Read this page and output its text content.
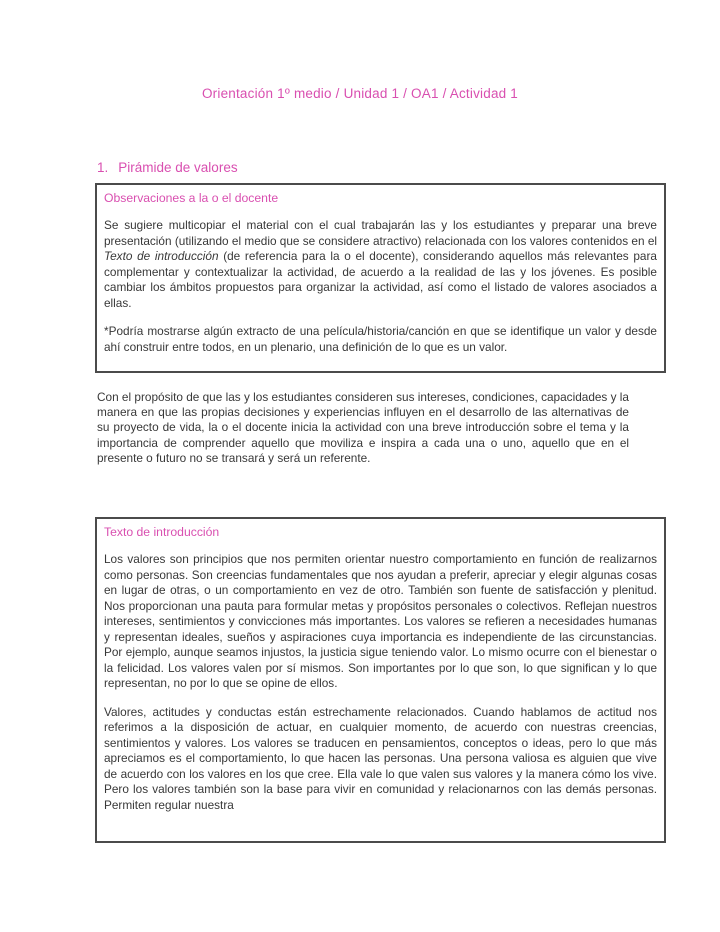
Orientación 1º medio / Unidad 1 / OA1 / Actividad 1
1. Pirámide de valores
Observaciones a la o el docente

Se sugiere multicopiar el material con el cual trabajarán las y los estudiantes y preparar una breve presentación (utilizando el medio que se considere atractivo) relacionada con los valores contenidos en el Texto de introducción (de referencia para la o el docente), considerando aquellos más relevantes para complementar y contextualizar la actividad, de acuerdo a la realidad de las y los jóvenes. Es posible cambiar los ámbitos propuestos para organizar la actividad, así como el listado de valores asociados a ellas.

*Podría mostrarse algún extracto de una película/historia/canción en que se identifique un valor y desde ahí construir entre todos, en un plenario, una definición de lo que es un valor.

Con el propósito de que las y los estudiantes consideren sus intereses, condiciones, capacidades y la manera en que las propias decisiones y experiencias influyen en el desarrollo de las alternativas de su proyecto de vida, la o el docente inicia la actividad con una breve introducción sobre el tema y la importancia de comprender aquello que moviliza e inspira a cada una o uno, aquello que en el presente o futuro no se transará y será un referente.

Texto de introducción

Los valores son principios que nos permiten orientar nuestro comportamiento en función de realizarnos como personas. Son creencias fundamentales que nos ayudan a preferir, apreciar y elegir algunas cosas en lugar de otras, o un comportamiento en vez de otro. También son fuente de satisfacción y plenitud. Nos proporcionan una pauta para formular metas y propósitos personales o colectivos. Reflejan nuestros intereses, sentimientos y convicciones más importantes. Los valores se refieren a necesidades humanas y representan ideales, sueños y aspiraciones cuya importancia es independiente de las circunstancias. Por ejemplo, aunque seamos injustos, la justicia sigue teniendo valor. Lo mismo ocurre con el bienestar o la felicidad. Los valores valen por sí mismos. Son importantes por lo que son, lo que significan y lo que representan, no por lo que se opine de ellos.

Valores, actitudes y conductas están estrechamente relacionados. Cuando hablamos de actitud nos referimos a la disposición de actuar, en cualquier momento, de acuerdo con nuestras creencias, sentimientos y valores. Los valores se traducen en pensamientos, conceptos o ideas, pero lo que más apreciamos es el comportamiento, lo que hacen las personas. Una persona valiosa es alguien que vive de acuerdo con los valores en los que cree. Ella vale lo que valen sus valores y la manera cómo los vive. Pero los valores también son la base para vivir en comunidad y relacionarnos con las demás personas. Permiten regular nuestra
